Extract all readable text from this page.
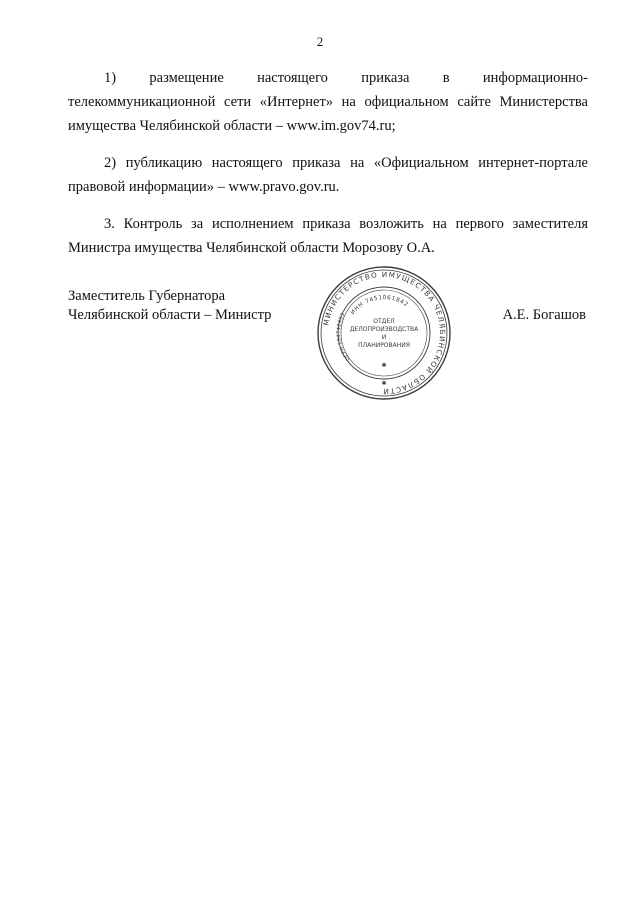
2

1) размещение настоящего приказа в информационно-

телекоммуникационной сети «Интернет» на официальном сайте Министерства имущества Челябинской области – www.im.gov74.ru;

2) публикацию настоящего приказа на «Официальном интернет-портале правовой информации» – www.pravo.gov.ru.

3. Контроль за исполнением приказа возложить на первого заместителя Министра имущества Челябинской области Морозову О.А.

Заместитель Губернатора
Челябинской области – Министр	МИНИСТЕРСТВО ИМУЩЕСТВА ЧЕЛЯБИНСКОЙ ОБЛАСТИ
ИНН 7451061842
ОГРН 104742453
ОТДЕЛ
ДЕЛОПРОИЗВОДСТВА
И
ПЛАНИРОВАНИЯ
✱
✱
А.Е. Богашов
